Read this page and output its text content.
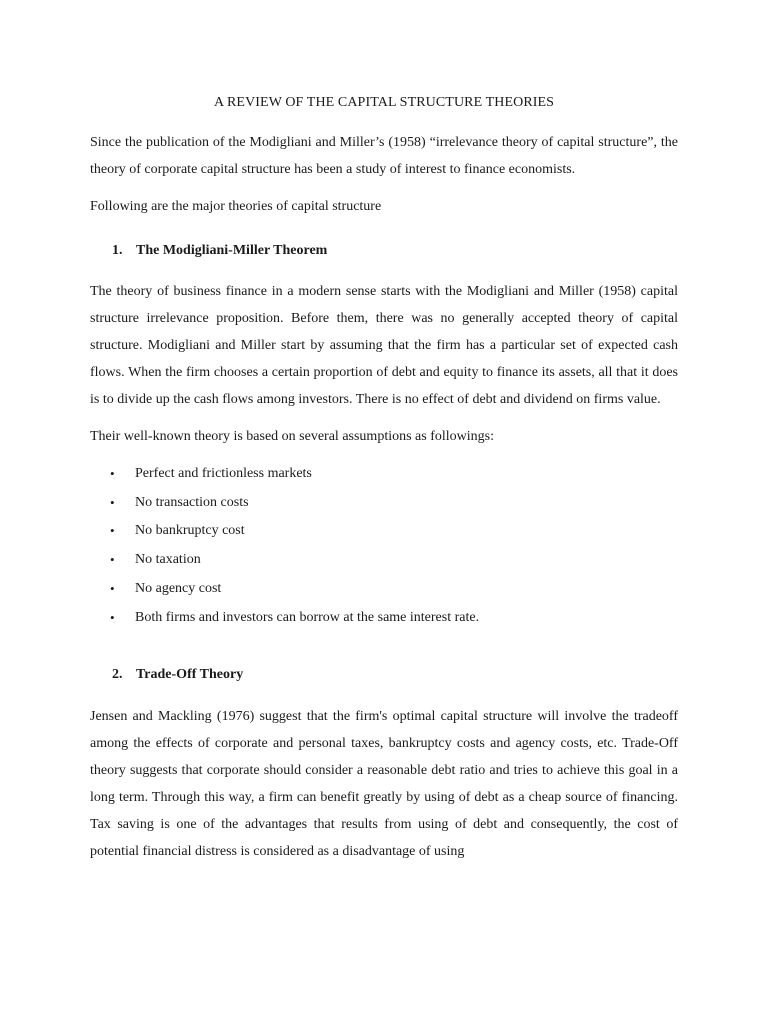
A REVIEW OF THE CAPITAL STRUCTURE THEORIES

Since the publication of the Modigliani and Miller’s (1958) “irrelevance theory of capital structure”, the theory of corporate capital structure has been a study of interest to finance economists.

Following are the major theories of capital structure

1. The Modigliani-Miller Theorem

The theory of business finance in a modern sense starts with the Modigliani and Miller (1958) capital structure irrelevance proposition. Before them, there was no generally accepted theory of capital structure. Modigliani and Miller start by assuming that the firm has a particular set of expected cash flows. When the firm chooses a certain proportion of debt and equity to finance its assets, all that it does is to divide up the cash flows among investors. There is no effect of debt and dividend on firms value.

Their well-known theory is based on several assumptions as followings:

•	Perfect and frictionless markets
•	No transaction costs
•	No bankruptcy cost
•	No taxation
•	No agency cost
•	Both firms and investors can borrow at the same interest rate.
2. Trade-Off Theory

Jensen and Mackling (1976) suggest that the firm's optimal capital structure will involve the tradeoff among the effects of corporate and personal taxes, bankruptcy costs and agency costs, etc. Trade-Off theory suggests that corporate should consider a reasonable debt ratio and tries to achieve this goal in a long term. Through this way, a firm can benefit greatly by using of debt as a cheap source of financing. Tax saving is one of the advantages that results from using of debt and consequently, the cost of potential financial distress is considered as a disadvantage of using
